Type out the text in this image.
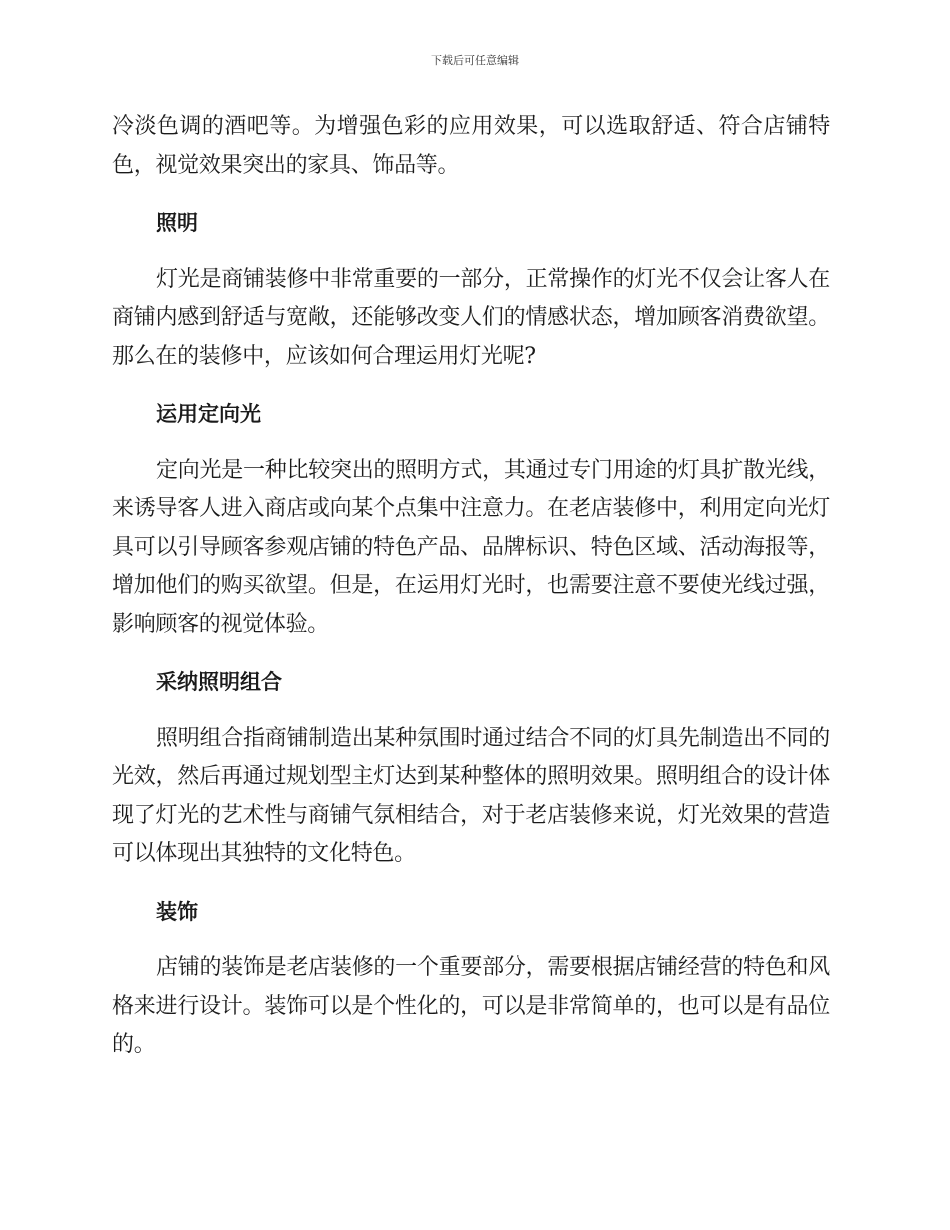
下载后可任意编辑

冷淡色调的酒吧等。为增强色彩的应用效果，可以选取舒适、符合店铺特色，视觉效果突出的家具、饰品等。

照明

灯光是商铺装修中非常重要的一部分，正常操作的灯光不仅会让客人在商铺内感到舒适与宽敞，还能够改变人们的情感状态，增加顾客消费欲望。那么在的装修中，应该如何合理运用灯光呢?

运用定向光

定向光是一种比较突出的照明方式，其通过专门用途的灯具扩散光线，来诱导客人进入商店或向某个点集中注意力。在老店装修中，利用定向光灯具可以引导顾客参观店铺的特色产品、品牌标识、特色区域、活动海报等，增加他们的购买欲望。但是，在运用灯光时，也需要注意不要使光线过强，影响顾客的视觉体验。

采纳照明组合

照明组合指商铺制造出某种氛围时通过结合不同的灯具先制造出不同的光效，然后再通过规划型主灯达到某种整体的照明效果。照明组合的设计体现了灯光的艺术性与商铺气氛相结合，对于老店装修来说，灯光效果的营造可以体现出其独特的文化特色。

装饰

店铺的装饰是老店装修的一个重要部分，需要根据店铺经营的特色和风格来进行设计。装饰可以是个性化的，可以是非常简单的，也可以是有品位的。
